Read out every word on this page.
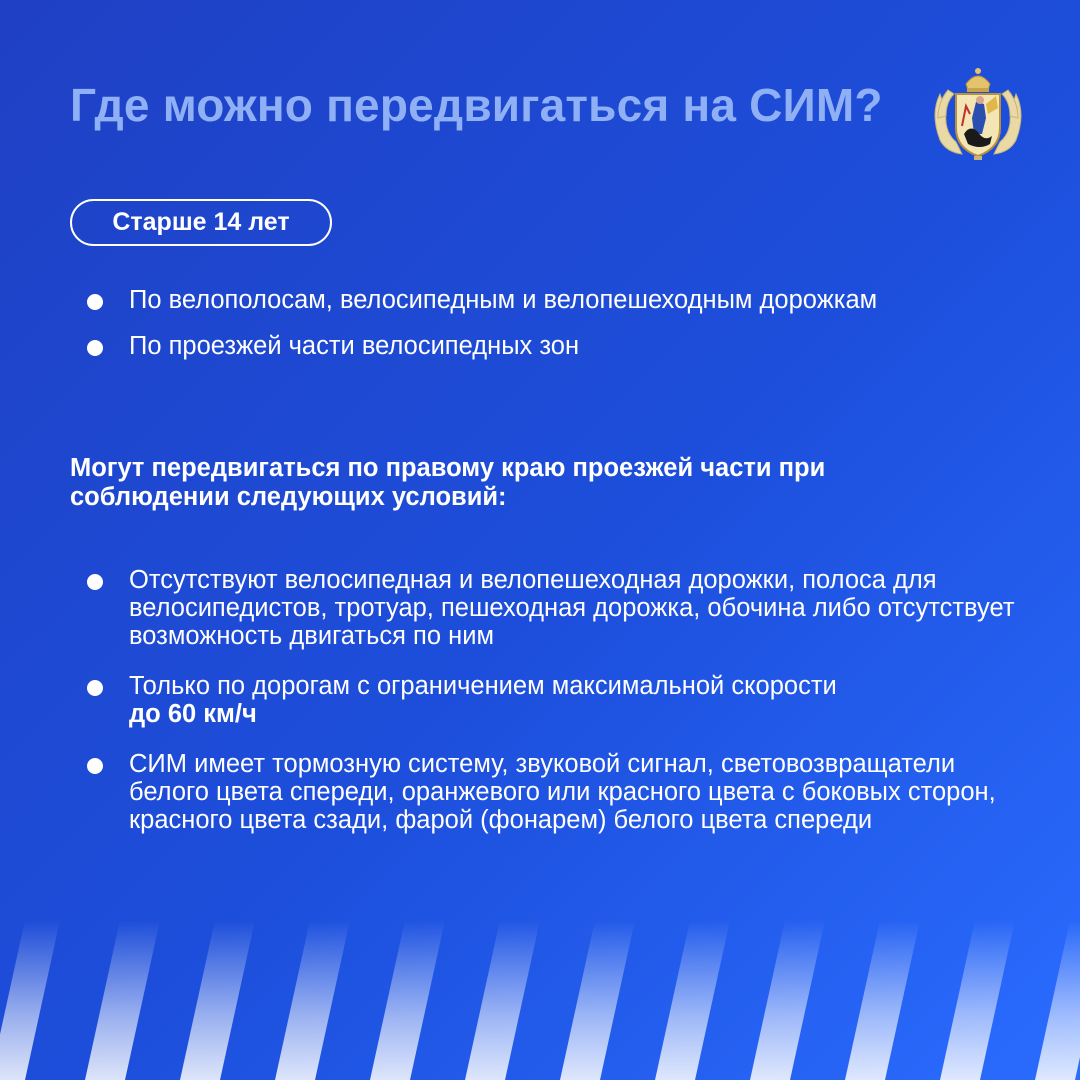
Где можно передвигаться на СИМ?
Старше 14 лет
По велополосам, велосипедным и велопешеходным дорожкам
По проезжей части велосипедных зон
Могут передвигаться по правому краю проезжей части при соблюдении следующих условий:
Отсутствуют велосипедная и велопешеходная дорожки, полоса для велосипедистов, тротуар, пешеходная дорожка, обочина либо отсутствует возможность двигаться по ним
Только по дорогам с ограничением максимальной скорости
до 60 км/ч
СИМ имеет тормозную систему, звуковой сигнал, световозвращатели белого цвета спереди, оранжевого или красного цвета с боковых сторон, красного цвета сзади, фарой (фонарем) белого цвета спереди
